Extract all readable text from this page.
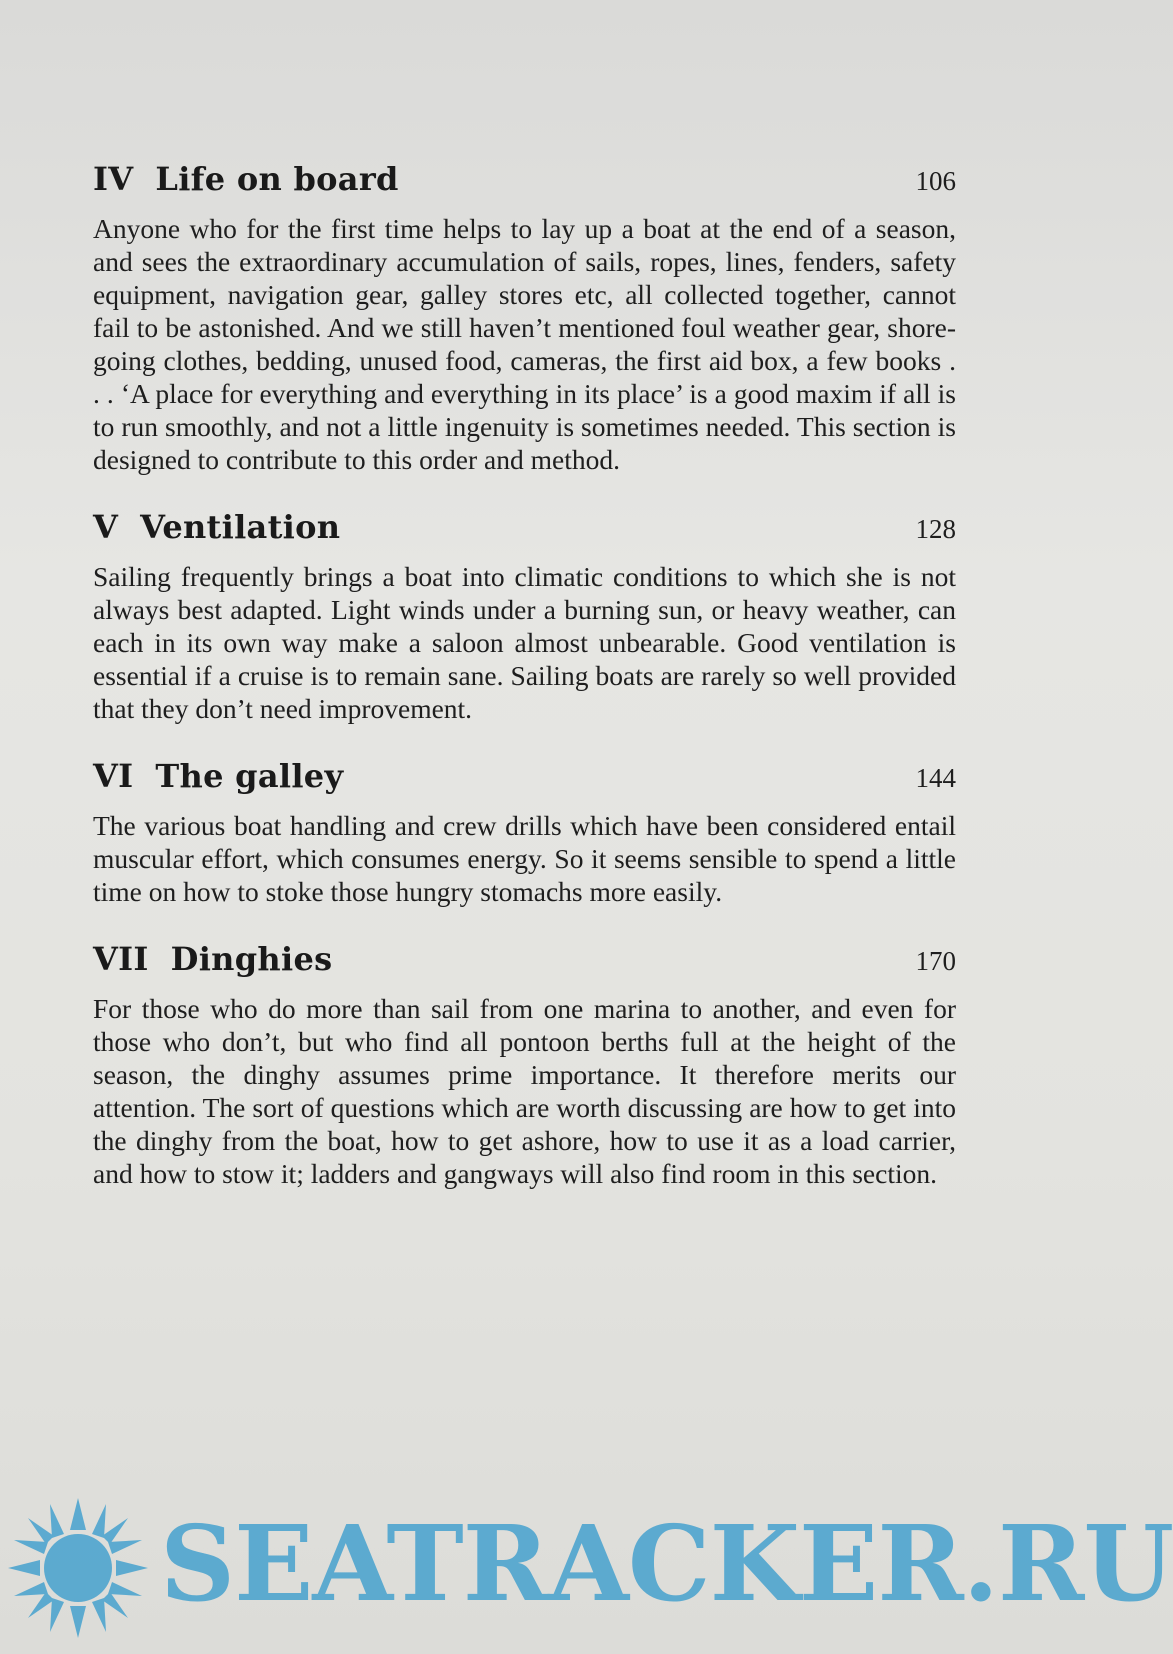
IV Life on board	106

Anyone who for the first time helps to lay up a boat at the end of a season, and sees the extraordinary accumulation of sails, ropes, lines, fenders, safety equipment, navigation gear, galley stores etc, all collected together, cannot fail to be astonished. And we still haven’t mentioned foul weather gear, shore-going clothes, bedding, unused food, cameras, the first aid box, a few books . . . ‘A place for everything and everything in its place’ is a good maxim if all is to run smoothly, and not a little ingenuity is sometimes needed. This section is designed to contribute to this order and method.

V Ventilation	128

Sailing frequently brings a boat into climatic conditions to which she is not always best adapted. Light winds under a burning sun, or heavy weather, can each in its own way make a saloon almost unbearable. Good ventilation is essential if a cruise is to remain sane. Sailing boats are rarely so well provided that they don’t need improvement.

VI The galley	144

The various boat handling and crew drills which have been considered entail muscular effort, which consumes energy. So it seems sensible to spend a little time on how to stoke those hungry stomachs more easily.

VII Dinghies	170

For those who do more than sail from one marina to another, and even for those who don’t, but who find all pontoon berths full at the height of the season, the dinghy assumes prime importance. It therefore merits our attention. The sort of questions which are worth discussing are how to get into the dinghy from the boat, how to get ashore, how to use it as a load carrier, and how to stow it; ladders and gangways will also find room in this section.

SEATRACKER.RU
